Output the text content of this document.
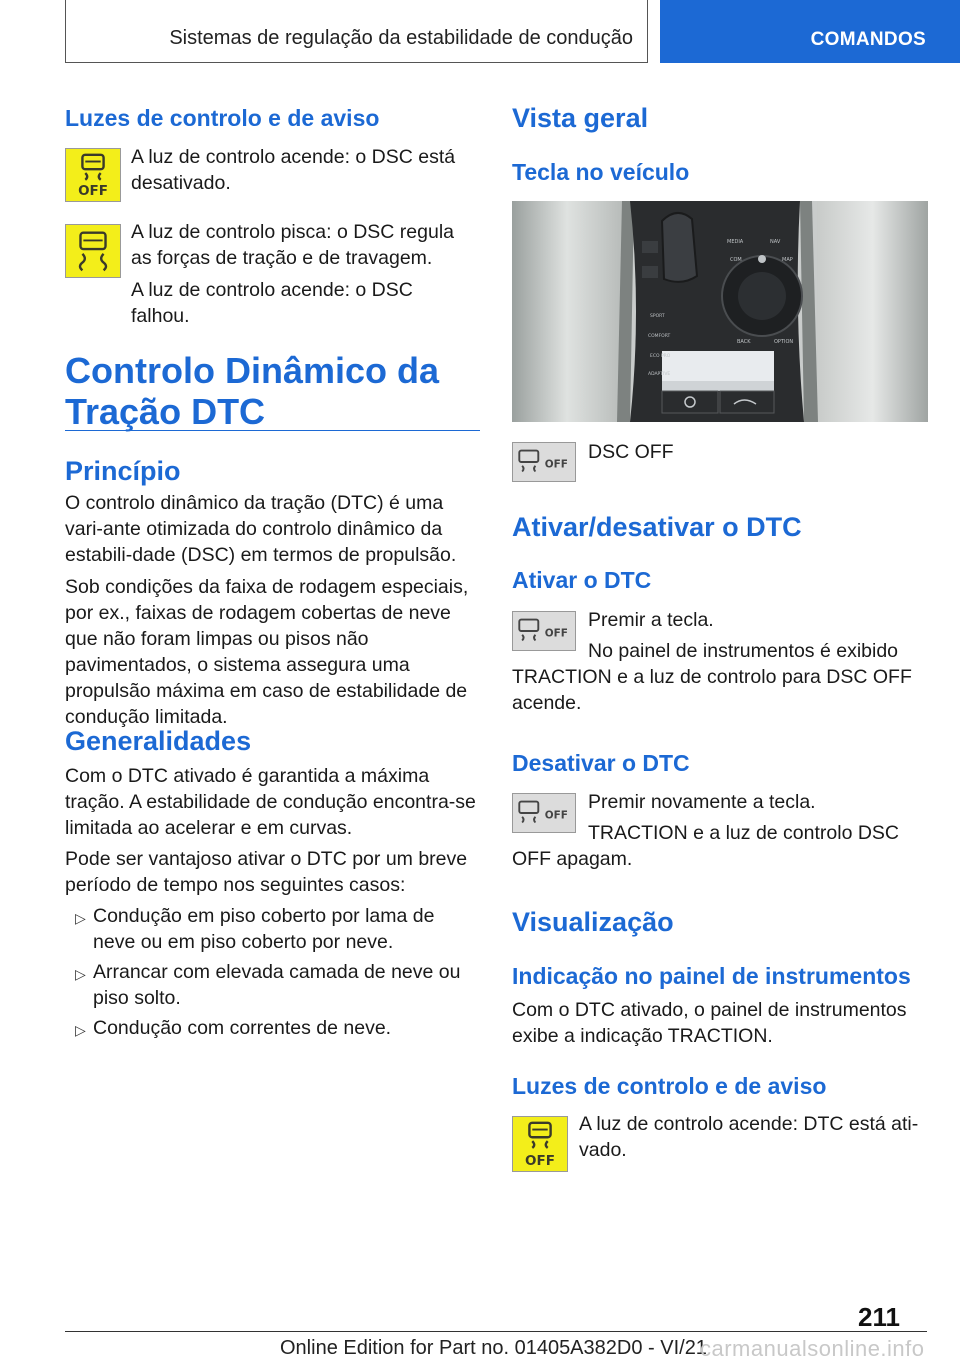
Sistemas de regulação da estabilidade de condução	COMANDOS
Luzes de controlo e de aviso
OFF
A luz de controlo acende: o DSC está desativado.
A luz de controlo pisca: o DSC regula as forças de tração e de travagem.
A luz de controlo acende: o DSC falhou.
Controlo Dinâmico da Tração DTC
Princípio
O controlo dinâmico da tração (DTC) é uma vari‐ante otimizada do controlo dinâmico da estabili‐dade (DSC) em termos de propulsão.
Sob condições da faixa de rodagem especiais, por ex., faixas de rodagem cobertas de neve que não foram limpas ou pisos não pavimentados, o sistema assegura uma propulsão máxima em caso de estabilidade de condução limitada.
Generalidades
Com o DTC ativado é garantida a máxima tração. A estabilidade de condução encontra-se limitada ao acelerar e em curvas.
Pode ser vantajoso ativar o DTC por um breve período de tempo nos seguintes casos:
▷ Condução em piso coberto por lama de neve ou em piso coberto por neve.
▷ Arrancar com elevada camada de neve ou piso solto.
▷ Condução com correntes de neve.
Vista geral
Tecla no veículo
MEDIA
COM
NAV
MAP
BACK	OPTION
SPORT
COMFORT
ECO PRO
ADAPTIVE
OFF
DSC OFF
Ativar/desativar o DTC
Ativar o DTC
OFF
Premir a tecla.
No painel de instrumentos é exibido TRACTION e a luz de controlo para DSC OFF acende.
Desativar o DTC
OFF
Premir novamente a tecla.
TRACTION e a luz de controlo DSC OFF apagam.
Visualização
Indicação no painel de instrumentos
Com o DTC ativado, o painel de instrumentos exibe a indicação TRACTION.
Luzes de controlo e de aviso
OFF
A luz de controlo acende: DTC está ati‐vado.
211
Online Edition for Part no. 01405A382D0 - VI/21
carmanualsonline.info
